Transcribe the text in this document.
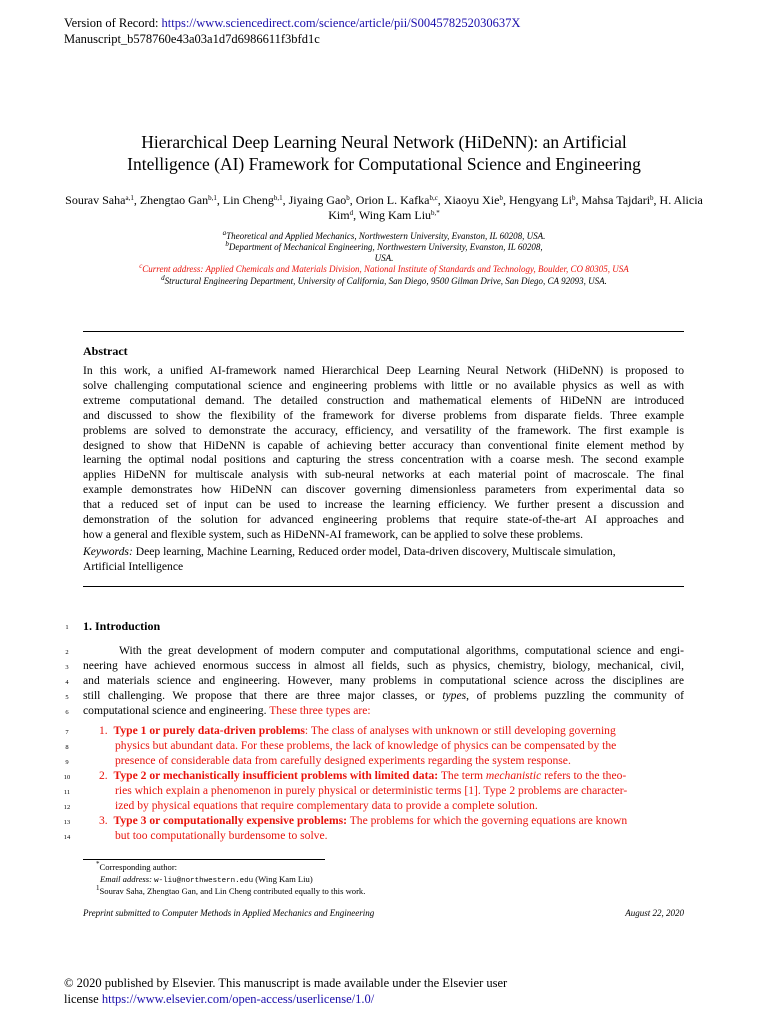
Version of Record: https://www.sciencedirect.com/science/article/pii/S004578252030637X
Manuscript_b578760e43a03a1d7d6986611f3bfd1c
Hierarchical Deep Learning Neural Network (HiDeNN): an Artificial
Intelligence (AI) Framework for Computational Science and Engineering
Sourav Saha$^{a,1}$, Zhengtao Gan$^{b,1}$, Lin Cheng$^{b,1}$, Jiyaing Gao$^b$, Orion L. Kafka$^{b,c}$, Xiaoyu Xie$^b$, Hengyang Li$^b$, Mahsa Tajdari$^b$, H. Alicia Kim$^d$, Wing Kam Liu$^{b,*}$
$^a$Theoretical and Applied Mechanics, Northwestern University, Evanston, IL 60208, USA.
$^b$Department of Mechanical Engineering, Northwestern University, Evanston, IL 60208,
USA.
$^c$Current address: Applied Chemicals and Materials Division, National Institute of Standards and Technology, Boulder, CO 80305, USA
$^d$Structural Engineering Department, University of California, San Diego, 9500 Gilman Drive, San Diego, CA 92093, USA.
Abstract
In this work, a unified AI-framework named Hierarchical Deep Learning Neural Network (HiDeNN) is proposed to
solve challenging computational science and engineering problems with little or no available physics as well as with
extreme computational demand. The detailed construction and mathematical elements of HiDeNN are introduced
and discussed to show the flexibility of the framework for diverse problems from disparate fields. Three example
problems are solved to demonstrate the accuracy, efficiency, and versatility of the framework. The first example is
designed to show that HiDeNN is capable of achieving better accuracy than conventional finite element method by
learning the optimal nodal positions and capturing the stress concentration with a coarse mesh. The second example
applies HiDeNN for multiscale analysis with sub-neural networks at each material point of macroscale. The final
example demonstrates how HiDeNN can discover governing dimensionless parameters from experimental data so
that a reduced set of input can be used to increase the learning efficiency. We further present a discussion and
demonstration of the solution for advanced engineering problems that require state-of-the-art AI approaches and
how a general and flexible system, such as HiDeNN-AI framework, can be applied to solve these problems.
Keywords: Deep learning, Machine Learning, Reduced order model, Data-driven discovery, Multiscale simulation,
Artificial Intelligence
1
2
3
4
5
6
7
8
9
10
11
12
13
14
1. Introduction
With the great development of modern computer and computational algorithms, computational science and engi-
neering have achieved enormous success in almost all fields, such as physics, chemistry, biology, mechanical, civil,
and materials science and engineering. However, many problems in computational science across the disciplines are
still challenging. We propose that there are three major classes, or types, of problems puzzling the community of
computational science and engineering. These three types are:
1. Type 1 or purely data-driven problems: The class of analyses with unknown or still developing governing
physics but abundant data. For these problems, the lack of knowledge of physics can be compensated by the
presence of considerable data from carefully designed experiments regarding the system response.
2. Type 2 or mechanistically insufficient problems with limited data: The term mechanistic refers to the theo-
ries which explain a phenomenon in purely physical or deterministic terms [1]. Type 2 problems are character-
ized by physical equations that require complementary data to provide a complete solution.
3. Type 3 or computationally expensive problems: The problems for which the governing equations are known
but too computationally burdensome to solve.
*Corresponding author:
Email address: w-liu@northwestern.edu (Wing Kam Liu)
$^1$Sourav Saha, Zhengtao Gan, and Lin Cheng contributed equally to this work.
Preprint submitted to Computer Methods in Applied Mechanics and Engineering	August 22, 2020
© 2020 published by Elsevier. This manuscript is made available under the Elsevier user
license https://www.elsevier.com/open-access/userlicense/1.0/
